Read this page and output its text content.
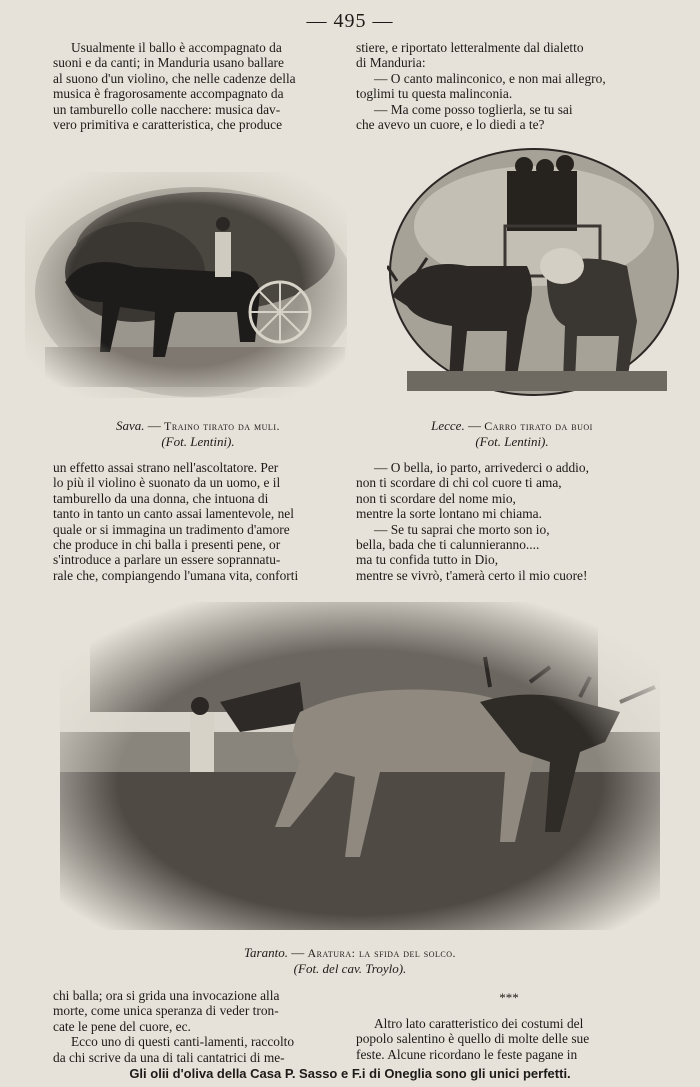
— 495 —

Usualmente il ballo è accompagnato da

suoni e da canti; in Manduria usano ballare

al suono d'un violino, che nelle cadenze della

musica è fragorosamente accompagnato da

un tamburello colle nacchere: musica dav-

vero primitiva e caratteristica, che produce

stiere, e riportato letteralmente dal dialetto

di Manduria:

— O canto malinconico, e non mai allegro,

toglimi tu questa malinconia.

— Ma come posso toglierla, se tu sai

che avevo un cuore, e lo diedi a te?

Sava. — Traino tirato da muli.
(Fot. Lentini).
Lecce. — Carro tirato da buoi
(Fot. Lentini).

un effetto assai strano nell'ascoltatore. Per

lo più il violino è suonato da un uomo, e il

tamburello da una donna, che intuona di

tanto in tanto un canto assai lamentevole, nel

quale or si immagina un tradimento d'amore

che produce in chi balla i presenti pene, or

s'introduce a parlare un essere soprannatu-

rale che, compiangendo l'umana vita, conforti

— O bella, io parto, arrivederci o addio,

non ti scordare di chi col cuore ti ama,

non ti scordare del nome mio,

mentre la sorte lontano mi chiama.

— Se tu saprai che morto son io,

bella, bada che ti calunnieranno....

ma tu confida tutto in Dio,

mentre se vivrò, t'amerà certo il mio cuore!

Taranto. — Aratura: la sfida del solco.
(Fot. del cav. Troylo).

chi balla; ora si grida una invocazione alla

morte, come unica speranza di veder tron-

cate le pene del cuore, ec.

Ecco uno di questi canti-lamenti, raccolto

da chi scrive da una di tali cantatrici di me-

***

Altro lato caratteristico dei costumi del

popolo salentino è quello di molte delle sue

feste. Alcune ricordano le feste pagane in

Gli olii d'oliva della Casa P. Sasso e F.i di Oneglia sono gli unici perfetti.
